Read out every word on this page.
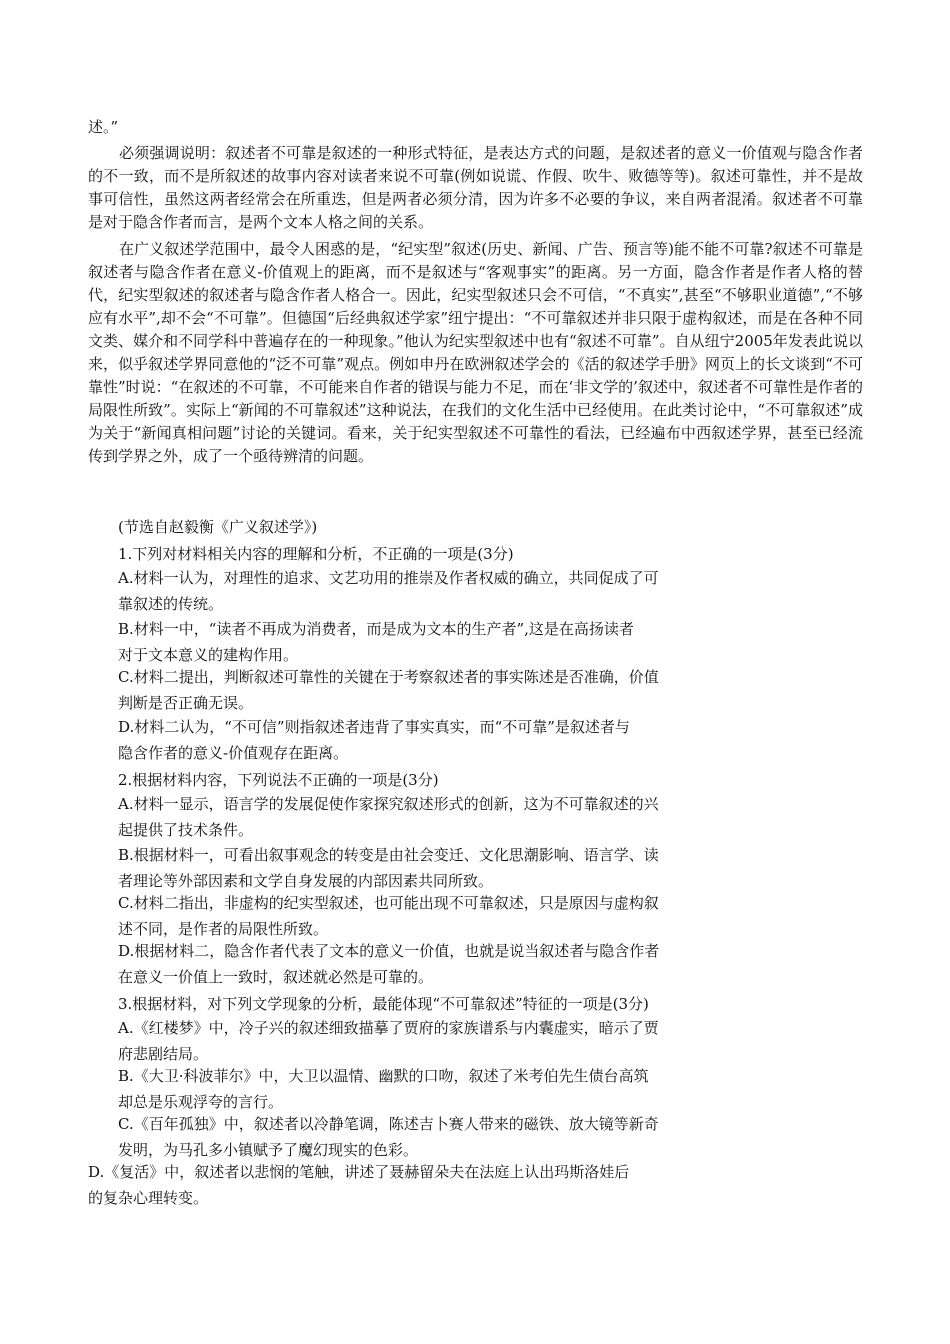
述。”
必须强调说明：叙述者不可靠是叙述的一种形式特征，是表达方式的问题，是叙述者的意义一价值观与隐含作者的不一致，而不是所叙述的故事内容对读者来说不可靠(例如说谎、作假、吹牛、败德等等)。叙述可靠性，并不是故事可信性，虽然这两者经常会在所重迭，但是两者必须分清，因为许多不必要的争议，来自两者混淆。叙述者不可靠是对于隐含作者而言，是两个文本人格之间的关系。
在广义叙述学范围中，最令人困惑的是，“纪实型”叙述(历史、新闻、广告、预言等)能不能不可靠?叙述不可靠是叙述者与隐含作者在意义-价值观上的距离，而不是叙述与“客观事实”的距离。另一方面，隐含作者是作者人格的替代，纪实型叙述的叙述者与隐含作者人格合一。因此，纪实型叙述只会不可信，“不真实”,甚至“不够职业道德”,“不够应有水平”,却不会“不可靠”。但德国“后经典叙述学家”纽宁提出：“不可靠叙述并非只限于虚构叙述，而是在各种不同文类、媒介和不同学科中普遍存在的一种现象。”他认为纪实型叙述中也有“叙述不可靠”。自从纽宁2005年发表此说以来，似乎叙述学界同意他的“泛不可靠”观点。例如申丹在欧洲叙述学会的《活的叙述学手册》网页上的长文谈到“不可靠性”时说：“在叙述的不可靠，不可能来自作者的错误与能力不足，而在‘非文学的’叙述中，叙述者不可靠性是作者的局限性所致”。实际上“新闻的不可靠叙述”这种说法，在我们的文化生活中已经使用。在此类讨论中，“不可靠叙述”成为关于“新闻真相问题”讨论的关键词。看来，关于纪实型叙述不可靠性的看法，已经遍布中西叙述学界，甚至已经流传到学界之外，成了一个亟待辨清的问题。
(节选自赵毅衡《广义叙述学》)
1.下列对材料相关内容的理解和分析，不正确的一项是(3分)
A.材料一认为，对理性的追求、文艺功用的推崇及作者权威的确立，共同促成了可
靠叙述的传统。
B.材料一中，“读者不再成为消费者，而是成为文本的生产者”,这是在高扬读者
对于文本意义的建构作用。
C.材料二提出，判断叙述可靠性的关键在于考察叙述者的事实陈述是否准确，价值
判断是否正确无误。
D.材料二认为，“不可信”则指叙述者违背了事实真实，而“不可靠”是叙述者与
隐含作者的意义-价值观存在距离。
2.根据材料内容，下列说法不正确的一项是(3分)
A.材料一显示，语言学的发展促使作家探究叙述形式的创新，这为不可靠叙述的兴
起提供了技术条件。
B.根据材料一，可看出叙事观念的转变是由社会变迁、文化思潮影响、语言学、读
者理论等外部因素和文学自身发展的内部因素共同所致。
C.材料二指出，非虚构的纪实型叙述，也可能出现不可靠叙述，只是原因与虚构叙
述不同，是作者的局限性所致。
D.根据材料二，隐含作者代表了文本的意义一价值，也就是说当叙述者与隐含作者
在意义一价值上一致时，叙述就必然是可靠的。
3.根据材料，对下列文学现象的分析，最能体现“不可靠叙述”特征的一项是(3分)
A.《红楼梦》中，冷子兴的叙述细致描摹了贾府的家族谱系与内囊虚实，暗示了贾
府悲剧结局。
B.《大卫·科波菲尔》中，大卫以温情、幽默的口吻，叙述了米考伯先生债台高筑
却总是乐观浮夸的言行。
C.《百年孤独》中，叙述者以冷静笔调，陈述吉卜赛人带来的磁铁、放大镜等新奇
发明，为马孔多小镇赋予了魔幻现实的色彩。
D.《复活》中，叙述者以悲悯的笔触，讲述了聂赫留朵夫在法庭上认出玛斯洛娃后
的复杂心理转变。
